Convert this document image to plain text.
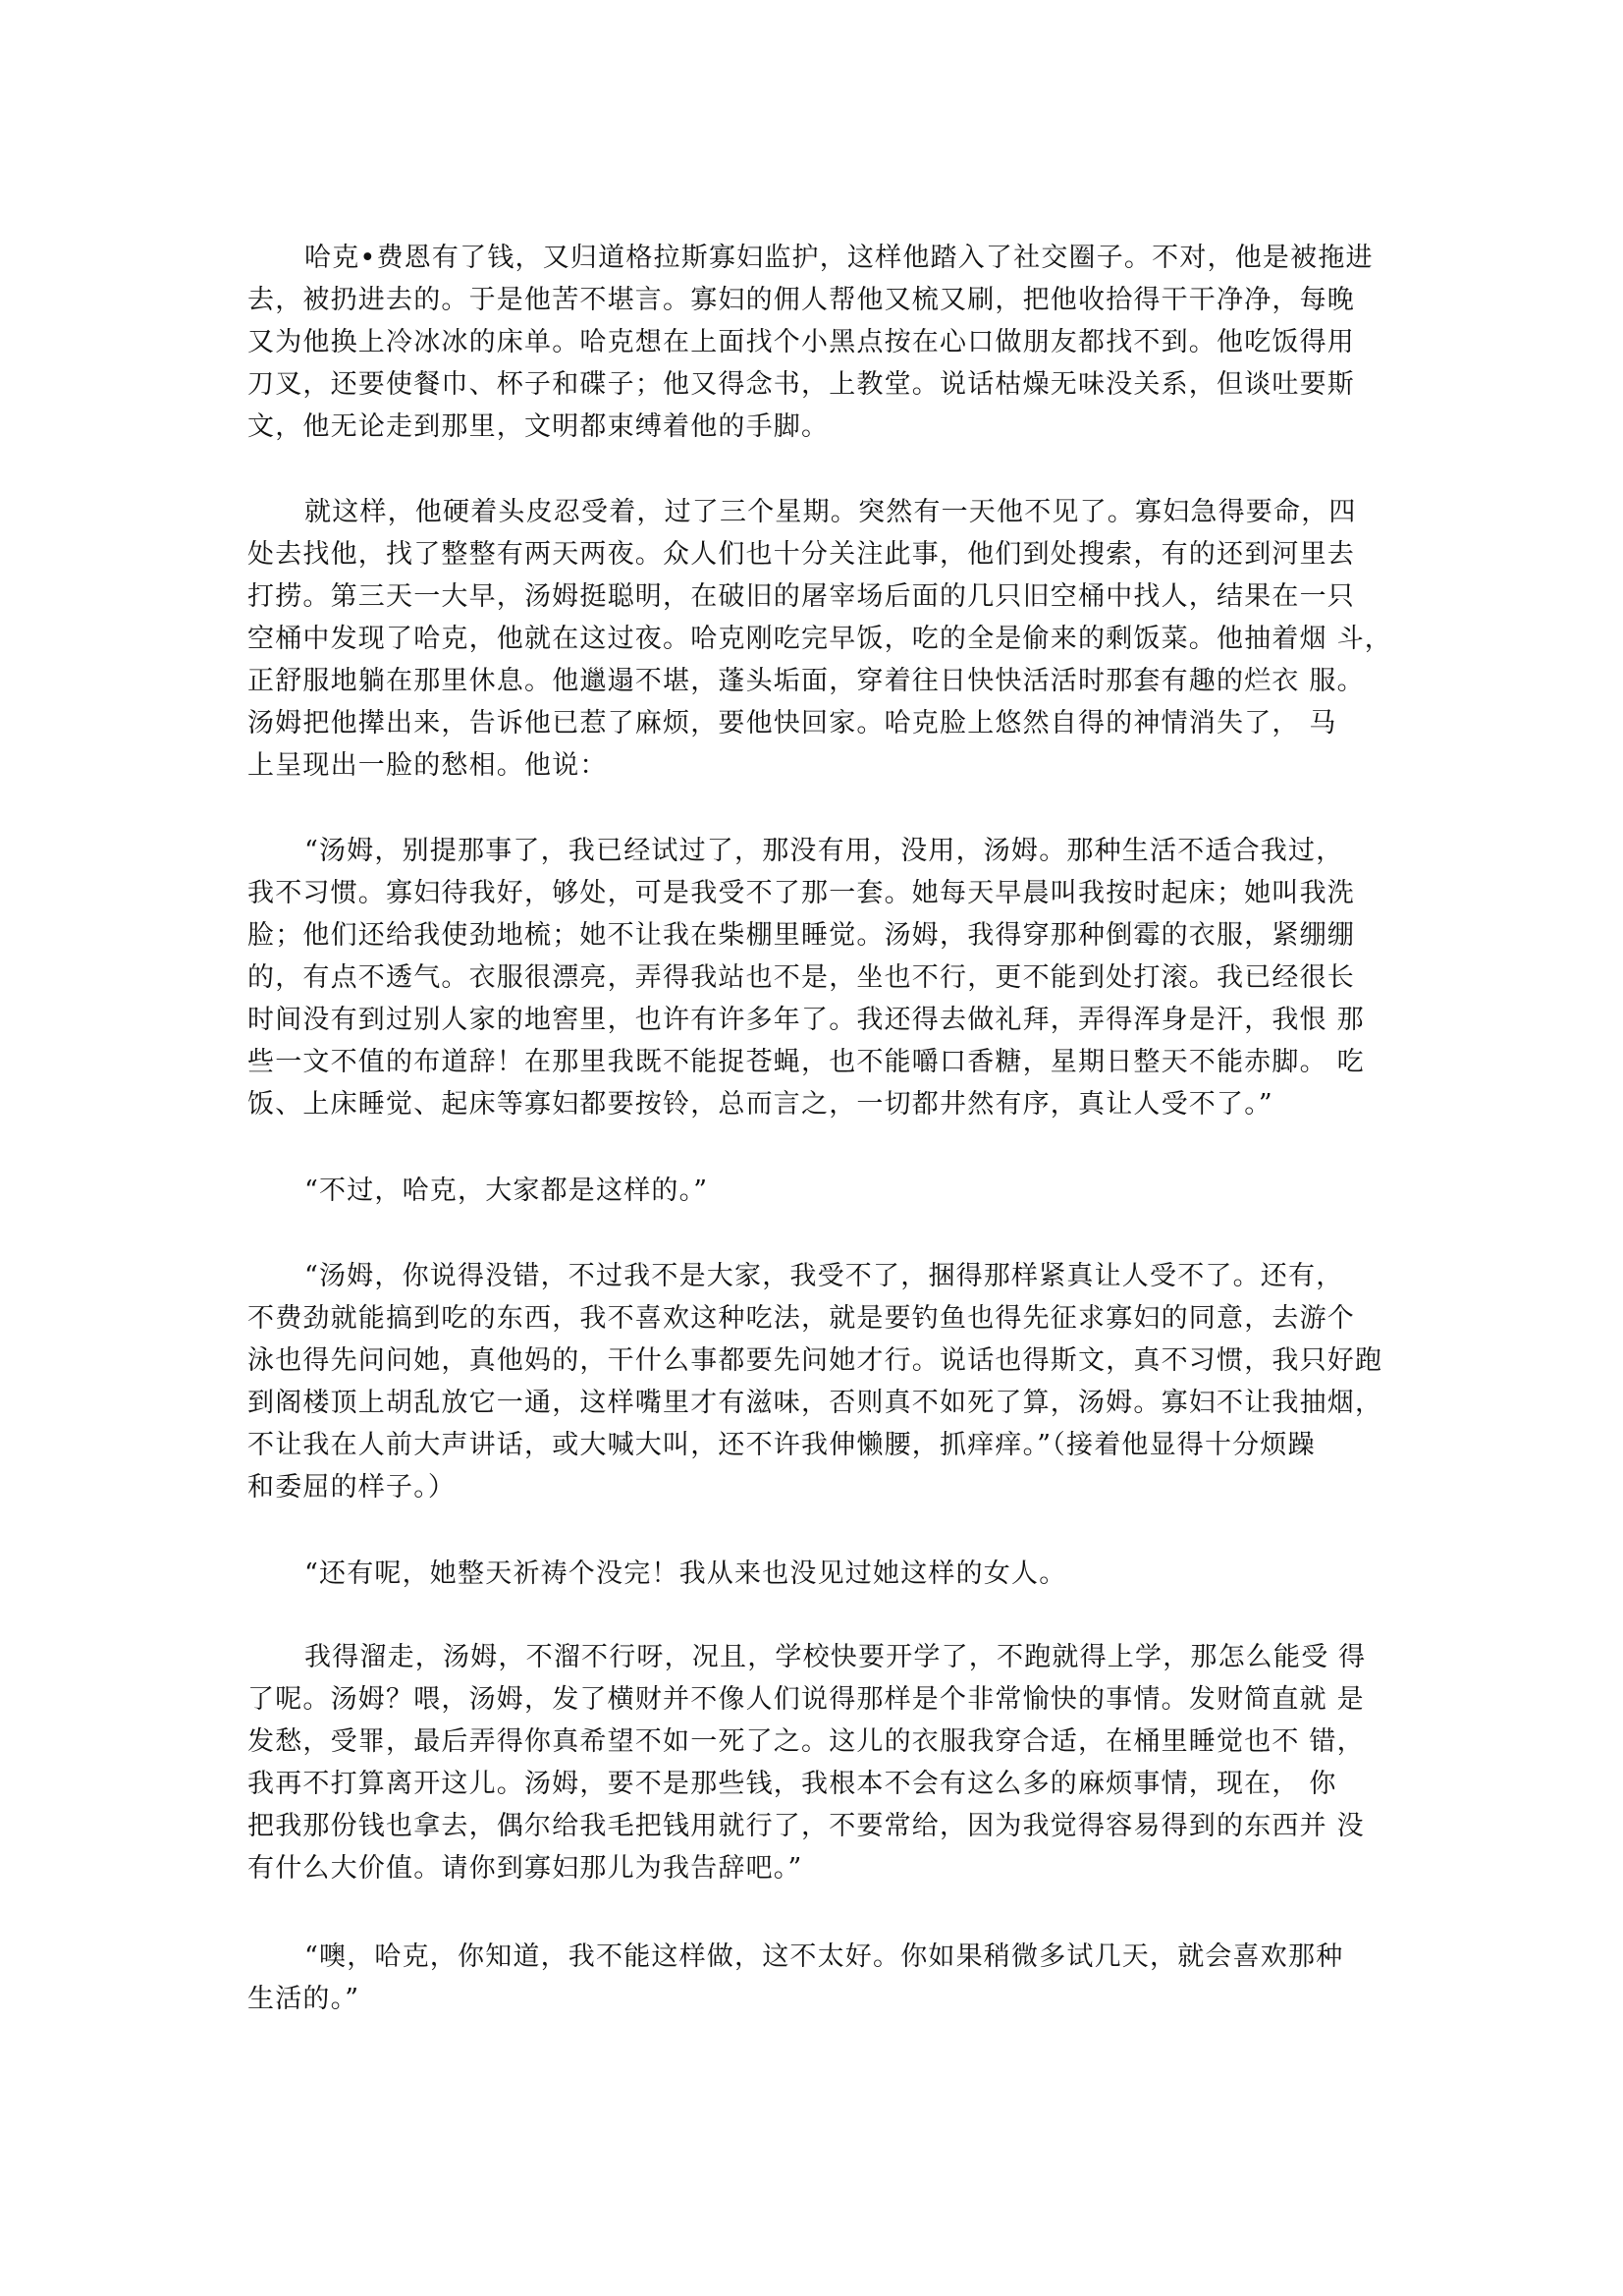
哈克•费恩有了钱，又归道格拉斯寡妇监护，这样他踏入了社交圈子。不对，他是被拖进
去，被扔进去的。于是他苦不堪言。寡妇的佣人帮他又梳又刷，把他收拾得干干净净，每晚
又为他换上冷冰冰的床单。哈克想在上面找个小黑点按在心口做朋友都找不到。他吃饭得用
刀叉，还要使餐巾、杯子和碟子；他又得念书，上教堂。说话枯燥无味没关系，但谈吐要斯
文，他无论走到那里，文明都束缚着他的手脚。
就这样，他硬着头皮忍受着，过了三个星期。突然有一天他不见了。寡妇急得要命，四
处去找他，找了整整有两天两夜。众人们也十分关注此事，他们到处搜索，有的还到河里去
打捞。第三天一大早，汤姆挺聪明，在破旧的屠宰场后面的几只旧空桶中找人，结果在一只
空桶中发现了哈克，他就在这过夜。哈克刚吃完早饭，吃的全是偷来的剩饭菜。他抽着烟 斗，
正舒服地躺在那里休息。他邋遢不堪，蓬头垢面，穿着往日快快活活时那套有趣的烂衣 服。
汤姆把他撵出来，告诉他已惹了麻烦，要他快回家。哈克脸上悠然自得的神情消失了， 马
上呈现出一脸的愁相。他说：
“汤姆，别提那事了，我已经试过了，那没有用，没用，汤姆。那种生活不适合我过，
我不习惯。寡妇待我好，够处，可是我受不了那一套。她每天早晨叫我按时起床；她叫我洗
脸；他们还给我使劲地梳；她不让我在柴棚里睡觉。汤姆，我得穿那种倒霉的衣服，紧绷绷
的，有点不透气。衣服很漂亮，弄得我站也不是，坐也不行，更不能到处打滚。我已经很长
时间没有到过别人家的地窖里，也许有许多年了。我还得去做礼拜，弄得浑身是汗，我恨 那
些一文不值的布道辞！在那里我既不能捉苍蝇，也不能嚼口香糖，星期日整天不能赤脚。 吃
饭、上床睡觉、起床等寡妇都要按铃，总而言之，一切都井然有序，真让人受不了。”
“不过，哈克，大家都是这样的。”
“汤姆，你说得没错，不过我不是大家，我受不了，捆得那样紧真让人受不了。还有，
不费劲就能搞到吃的东西，我不喜欢这种吃法，就是要钓鱼也得先征求寡妇的同意，去游个
泳也得先问问她，真他妈的，干什么事都要先问她才行。说话也得斯文，真不习惯，我只好跑
到阁楼顶上胡乱放它一通，这样嘴里才有滋味，否则真不如死了算，汤姆。寡妇不让我抽烟，
不让我在人前大声讲话，或大喊大叫，还不许我伸懒腰，抓痒痒。”（接着他显得十分烦躁
和委屈的样子。）
“还有呢，她整天祈祷个没完！我从来也没见过她这样的女人。
我得溜走，汤姆，不溜不行呀，况且，学校快要开学了，不跑就得上学，那怎么能受 得
了呢。汤姆？喂，汤姆，发了横财并不像人们说得那样是个非常愉快的事情。发财简直就 是
发愁，受罪，最后弄得你真希望不如一死了之。这儿的衣服我穿合适，在桶里睡觉也不 错，
我再不打算离开这儿。汤姆，要不是那些钱，我根本不会有这么多的麻烦事情，现在， 你
把我那份钱也拿去，偶尔给我毛把钱用就行了，不要常给，因为我觉得容易得到的东西并 没
有什么大价值。请你到寡妇那儿为我告辞吧。”
“噢，哈克，你知道，我不能这样做，这不太好。你如果稍微多试几天，就会喜欢那种
生活的。”
